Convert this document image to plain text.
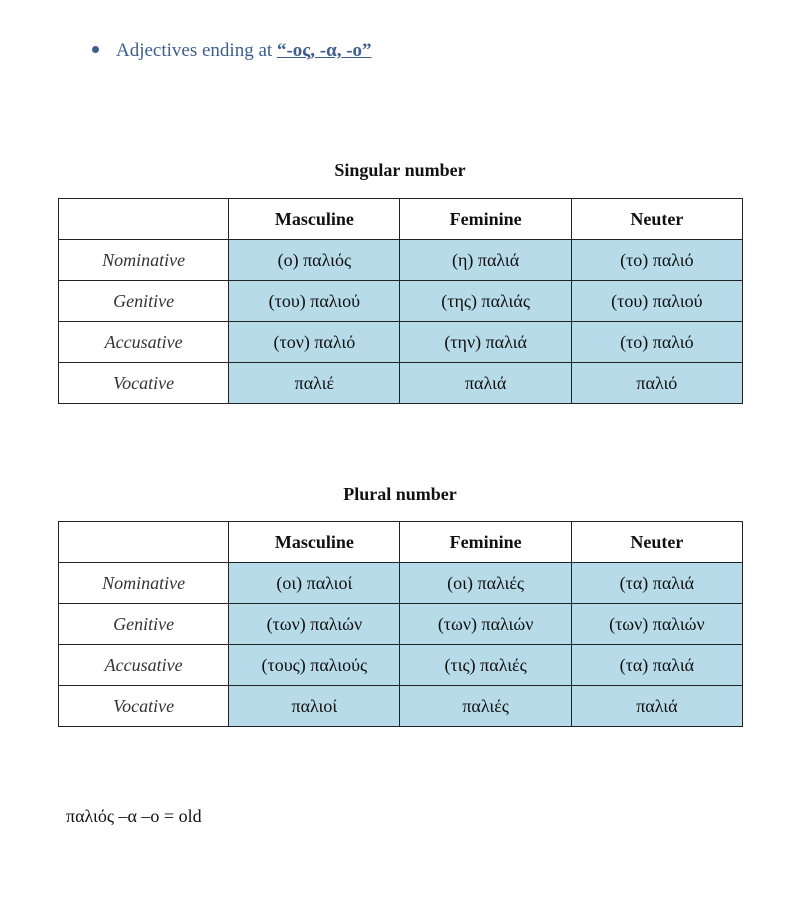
Adjectives ending at “-ος, -α, -ο”
Singular number
	Masculine	Feminine	Neuter
Nominative	(ο) παλιός	(η) παλιά	(το) παλιό
Genitive	(του) παλιού	(της) παλιάς	(του) παλιού
Accusative	(τον) παλιό	(την) παλιά	(το) παλιό
Vocative	παλιέ	παλιά	παλιό
Plural number
	Masculine	Feminine	Neuter
Nominative	(οι) παλιοί	(οι) παλιές	(τα) παλιά
Genitive	(των) παλιών	(των) παλιών	(των) παλιών
Accusative	(τους) παλιούς	(τις) παλιές	(τα) παλιά
Vocative	παλιοί	παλιές	παλιά
παλιός –α –ο = old
